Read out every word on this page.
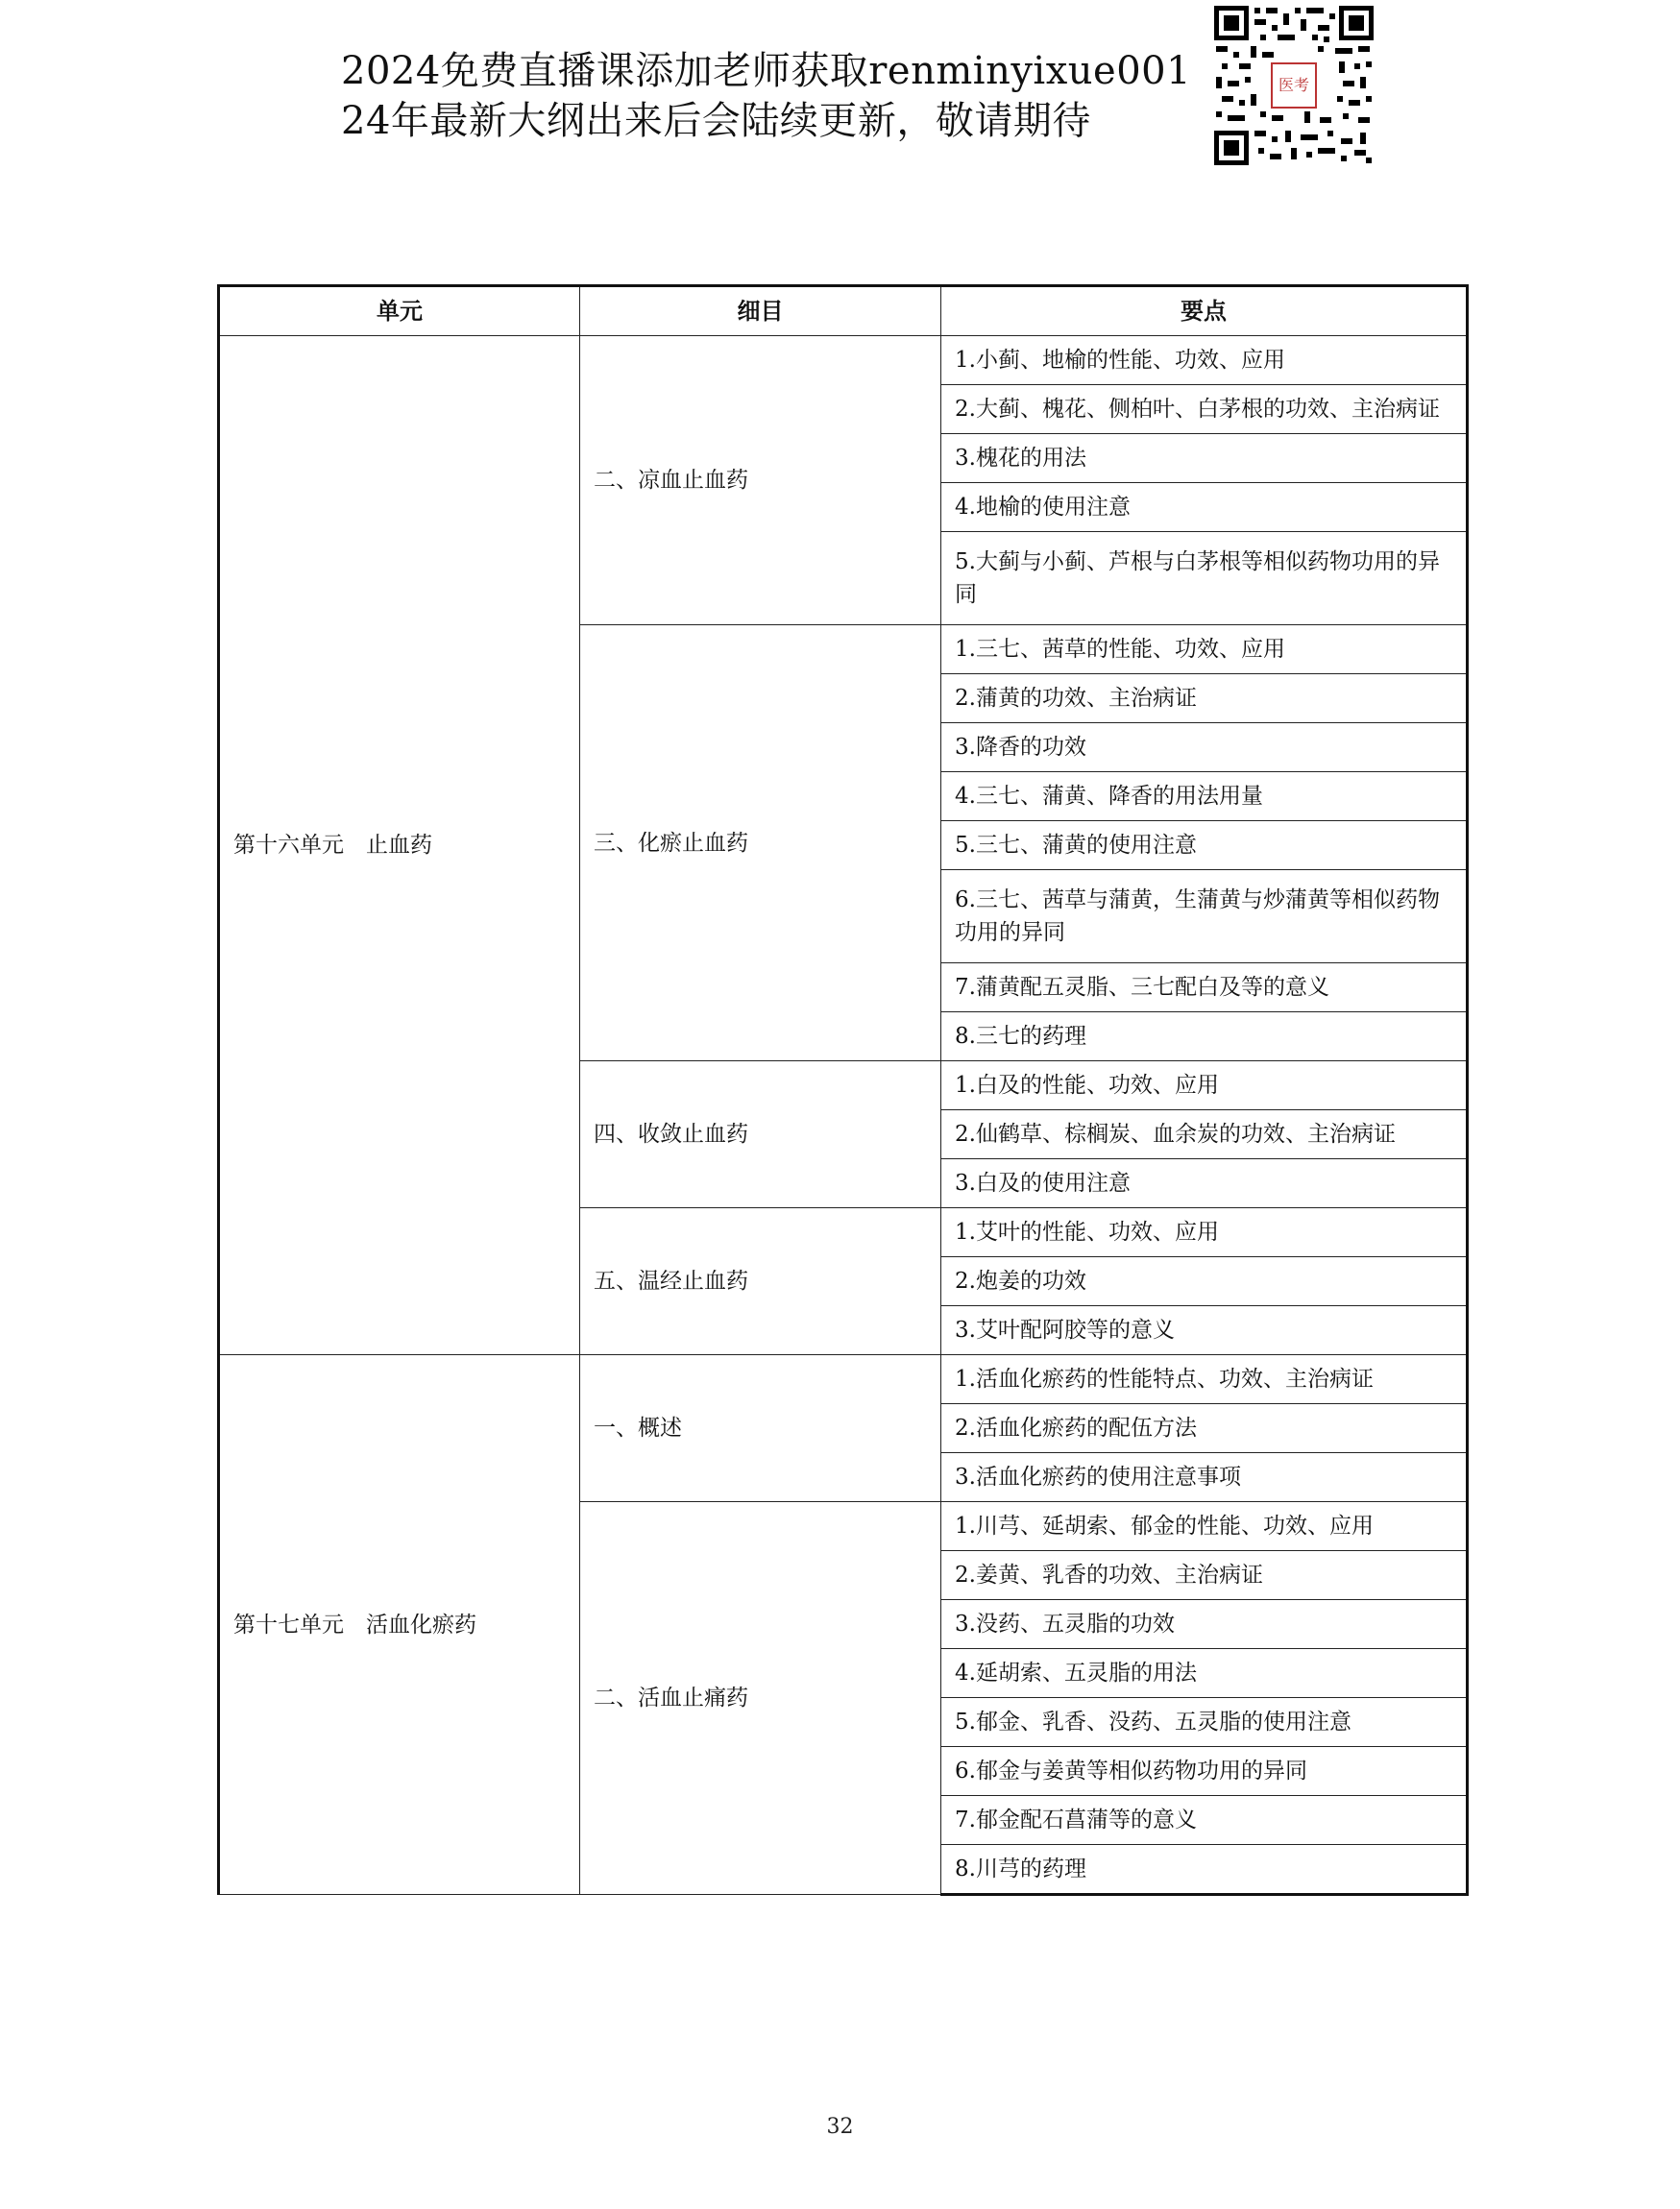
2024免费直播课添加老师获取renminyixue001
24年最新大纲出来后会陆续更新，敬请期待
医考
单元	细目	要点
第十六单元　止血药	二、凉血止血药	1.小蓟、地榆的性能、功效、应用
		2.大蓟、槐花、侧柏叶、白茅根的功效、主治病证
		3.槐花的用法
		4.地榆的使用注意
		5.大蓟与小蓟、芦根与白茅根等相似药物功用的异同
	三、化瘀止血药	1.三七、茜草的性能、功效、应用
		2.蒲黄的功效、主治病证
		3.降香的功效
		4.三七、蒲黄、降香的用法用量
		5.三七、蒲黄的使用注意
		6.三七、茜草与蒲黄，生蒲黄与炒蒲黄等相似药物功用的异同
		7.蒲黄配五灵脂、三七配白及等的意义
		8.三七的药理
	四、收敛止血药	1.白及的性能、功效、应用
		2.仙鹤草、棕榈炭、血余炭的功效、主治病证
		3.白及的使用注意
	五、温经止血药	1.艾叶的性能、功效、应用
		2.炮姜的功效
		3.艾叶配阿胶等的意义
第十七单元　活血化瘀药	一、概述	1.活血化瘀药的性能特点、功效、主治病证
		2.活血化瘀药的配伍方法
		3.活血化瘀药的使用注意事项
	二、活血止痛药	1.川芎、延胡索、郁金的性能、功效、应用
		2.姜黄、乳香的功效、主治病证
		3.没药、五灵脂的功效
		4.延胡索、五灵脂的用法
		5.郁金、乳香、没药、五灵脂的使用注意
		6.郁金与姜黄等相似药物功用的异同
		7.郁金配石菖蒲等的意义
		8.川芎的药理
32
